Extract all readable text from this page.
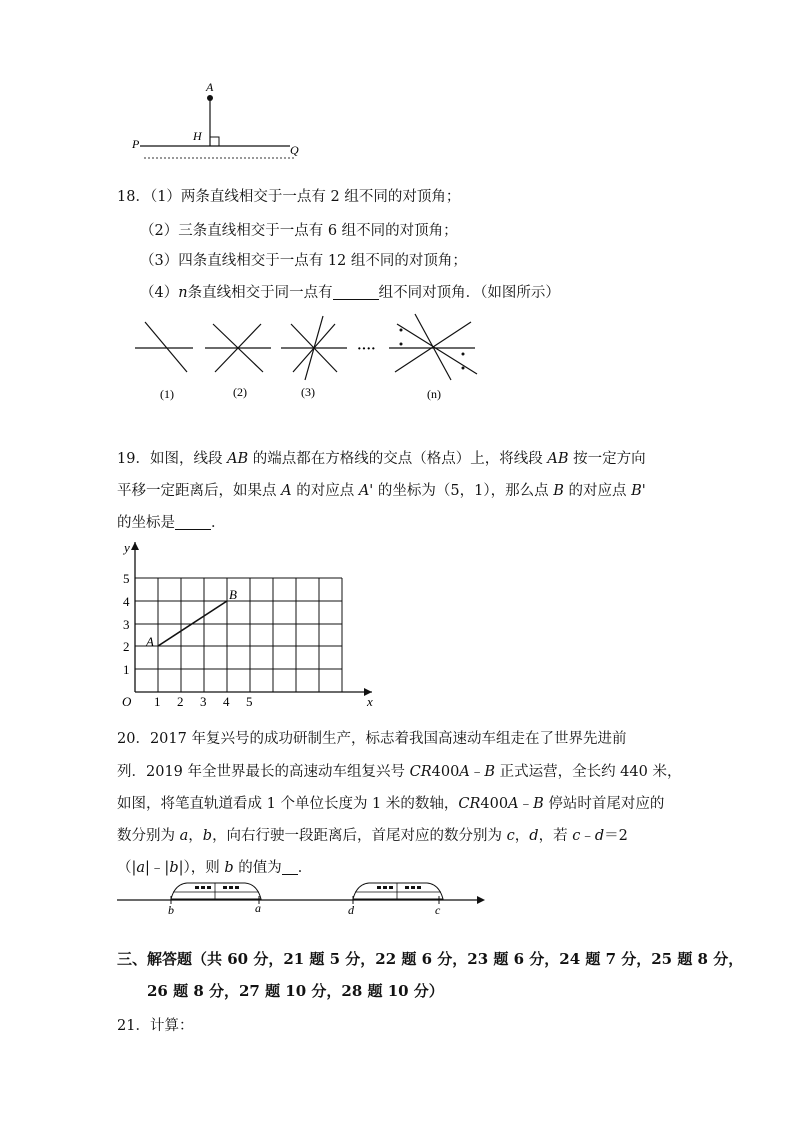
A
H
P	Q
18．（1）两条直线相交于一点有 2 组不同的对顶角；
（2）三条直线相交于一点有 6 组不同的对顶角；
（3）四条直线相交于一点有 12 组不同的对顶角；
（4）n条直线相交于同一点有	组不同对顶角．（如图所示）
····
(1)	(2)	(3)	(n)
19．如图，线段 AB 的端点都在方格线的交点（格点）上，将线段 AB 按一定方向
平移一定距离后，如果点 A 的对应点 A' 的坐标为（5，1），那么点 B 的对应点 B'
的坐标是 ．
A
B
y
x
O
1
2
3
4
5
1 2 3 4 5
20．2017 年复兴号的成功研制生产，标志着我国高速动车组走在了世界先进前
列．2019 年全世界最长的高速动车组复兴号 CR400A﹣B 正式运营，全长约 440 米，
如图，将笔直轨道看成 1 个单位长度为 1 米的数轴，CR400A﹣B 停站时首尾对应的
数分别为 a，b，向右行驶一段距离后，首尾对应的数分别为 c，d，若 c﹣d＝2
（|a|﹣|b|），则 b 的值为 ．
b	a	d	c
三、解答题（共 60 分，21 题 5 分，22 题 6 分，23 题 6 分，24 题 7 分，25 题 8 分，
26 题 8 分，27 题 10 分，28 题 10 分）
21．计算：
